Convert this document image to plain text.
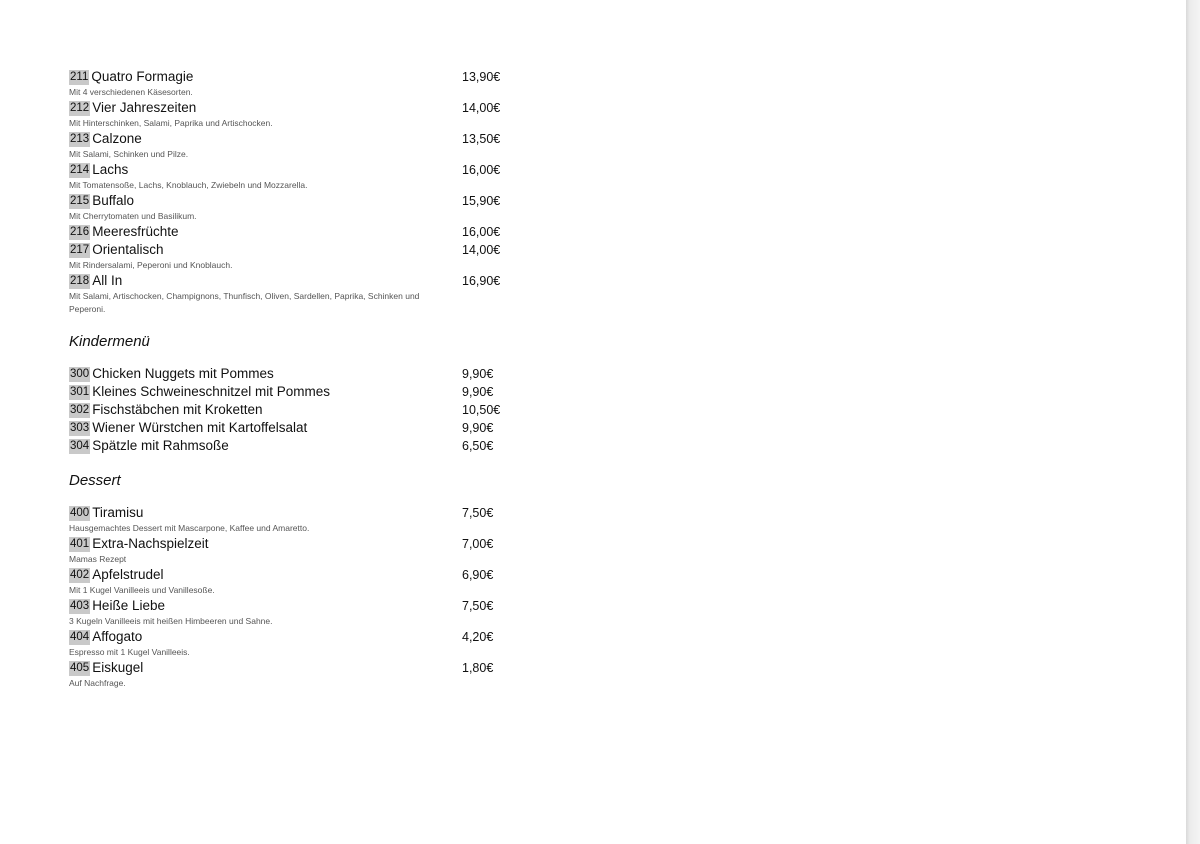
211 Quatro Formagie	13,90€
Mit 4 verschiedenen Käsesorten.
212 Vier Jahreszeiten	14,00€
Mit Hinterschinken, Salami, Paprika und Artischocken.
213 Calzone	13,50€
Mit Salami, Schinken und Pilze.
214 Lachs	16,00€
Mit Tomatensoße, Lachs, Knoblauch, Zwiebeln und Mozzarella.
215 Buffalo	15,90€
Mit Cherrytomaten und Basilikum.
216 Meeresfrüchte	16,00€
217 Orientalisch	14,00€
Mit Rindersalami, Peperoni und Knoblauch.
218 All In	16,90€
Mit Salami, Artischocken, Champignons, Thunfisch, Oliven, Sardellen, Paprika, Schinken und Peperoni.
Kindermenü
300 Chicken Nuggets mit Pommes	9,90€
301 Kleines Schweineschnitzel mit Pommes	9,90€
302 Fischstäbchen mit Kroketten	10,50€
303 Wiener Würstchen mit Kartoffelsalat	9,90€
304 Spätzle mit Rahmsoße	6,50€
Dessert
400 Tiramisu	7,50€
Hausgemachtes Dessert mit Mascarpone, Kaffee und Amaretto.
401 Extra-Nachspielzeit	7,00€
Mamas Rezept
402 Apfelstrudel	6,90€
Mit 1 Kugel Vanilleeis und Vanillesoße.
403 Heiße Liebe	7,50€
3 Kugeln Vanilleeis mit heißen Himbeeren und Sahne.
404 Affogato	4,20€
Espresso mit 1 Kugel Vanilleeis.
405 Eiskugel	1,80€
Auf Nachfrage.
